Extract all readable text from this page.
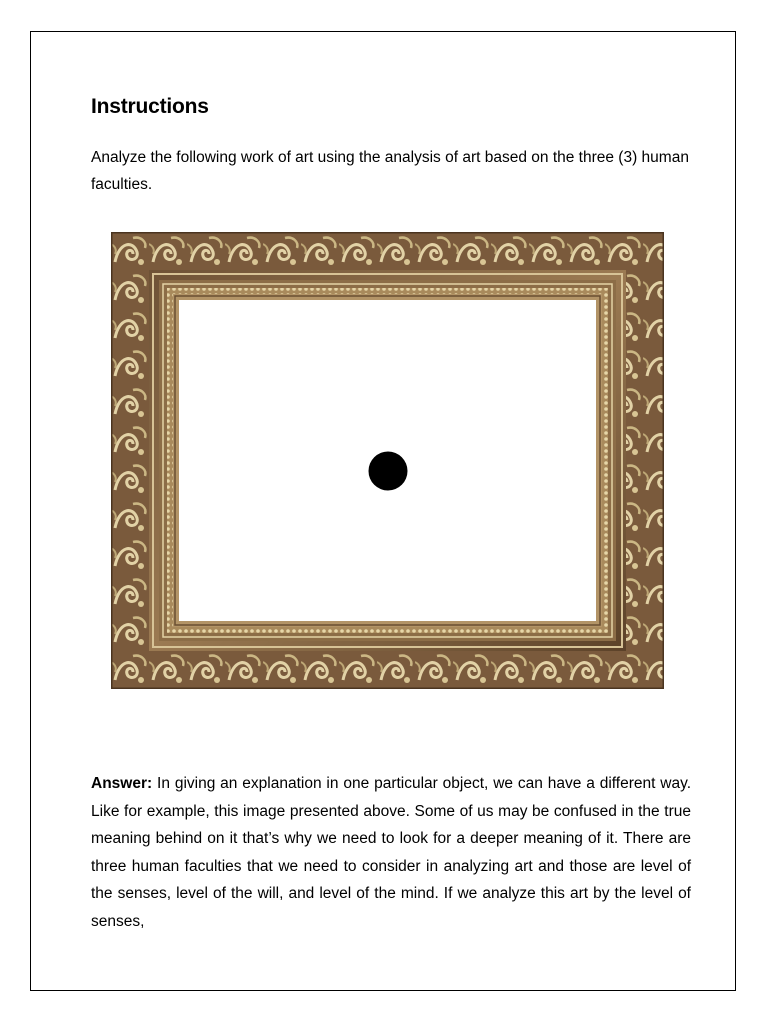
Instructions
Analyze the following work of art using the analysis of art based on the three (3) human faculties.
Answer: In giving an explanation in one particular object, we can have a different way. Like for example, this image presented above. Some of us may be confused in the true meaning behind on it that’s why we need to look for a deeper meaning of it. There are three human faculties that we need to consider in analyzing art and those are level of the senses, level of the will, and level of the mind. If we analyze this art by the level of senses,
